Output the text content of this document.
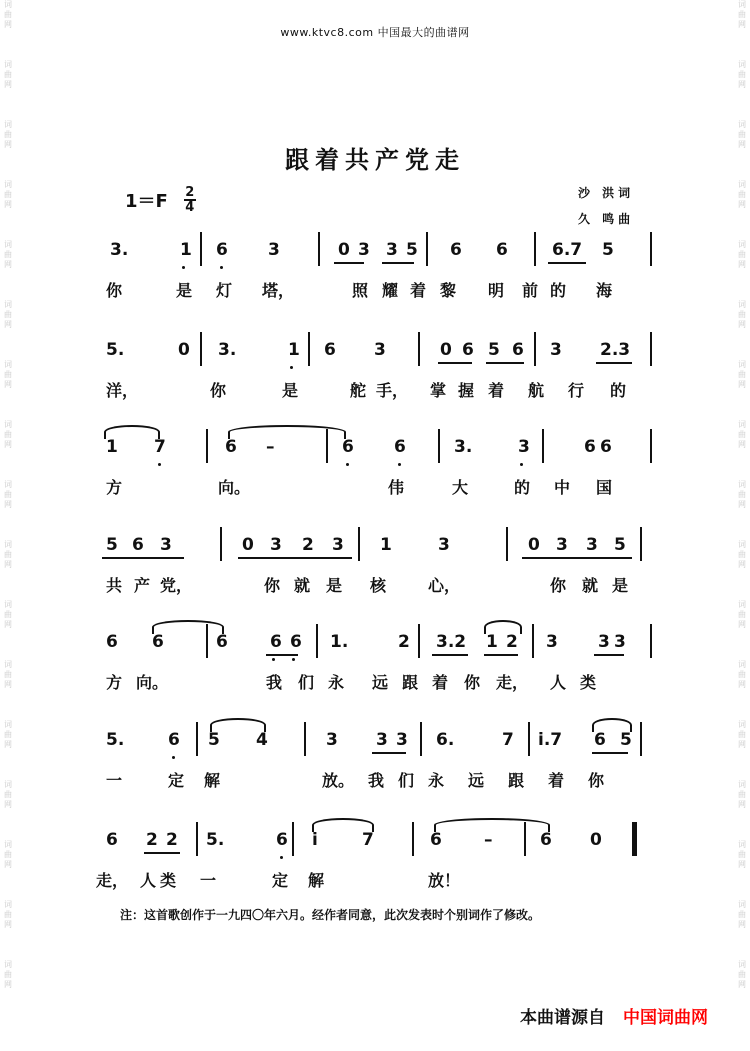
词
曲
网
词
曲
网
词
曲
网
词
曲
网
词
曲
网
词
曲
网
词
曲
网
词
曲
网
词
曲
网
词
曲
网
词
曲
网
词
曲
网
词
曲
网
词
曲
网
词
曲
网
词
曲
网
词
曲
网
词
曲
网
词
曲
网
词
曲
网
词
曲
网
词
曲
网
词
曲
网
词
曲
网
词
曲
网
词
曲
网
词
曲
网
词
曲
网
词
曲
网
词
曲
网
词
曲
网
词
曲
网
词
曲
网
词
曲
网
www.ktvc8.com 中国最大的曲谱网
跟着共产党走
$1=F \frac{2}{4}$	沙 洪词
久 鸣曲
3.	1 6 3	0 3 3 5 6 6	6.7 5
你	是 灯 塔，	照 耀 着 黎 明 前 的 海
5.	0 3.	1 6 3	0 6 5 6 3 2.3
洋，	你	是	舵 手， 掌 握 着 航 行 的
1 7	6 –	6 6	3.	3	6 6
方	向。	伟	大	的 中 国
5 6 3	0 3 2 3 1	3	0 3 3 5
共 产 党，	你 就 是 核	心，	你 就 是
6 6	6 6 6 1.	2 3.2 1 2 3 3 3
方 向。	我 们 永 远 跟 着 你 走， 人 类
5.	6 5 4	3 3 3 6.	7 i.7 6 5
一	定 解	放。 我 们 永 远 跟 着 你
6 2 2 5.	6 i	7	6 –	6 0
走， 人 类 一	定 解	放！
注：这首歌创作于一九四〇年六月。经作者同意，此次发表时个别词作了修改。
本曲谱源自 中国词曲网
